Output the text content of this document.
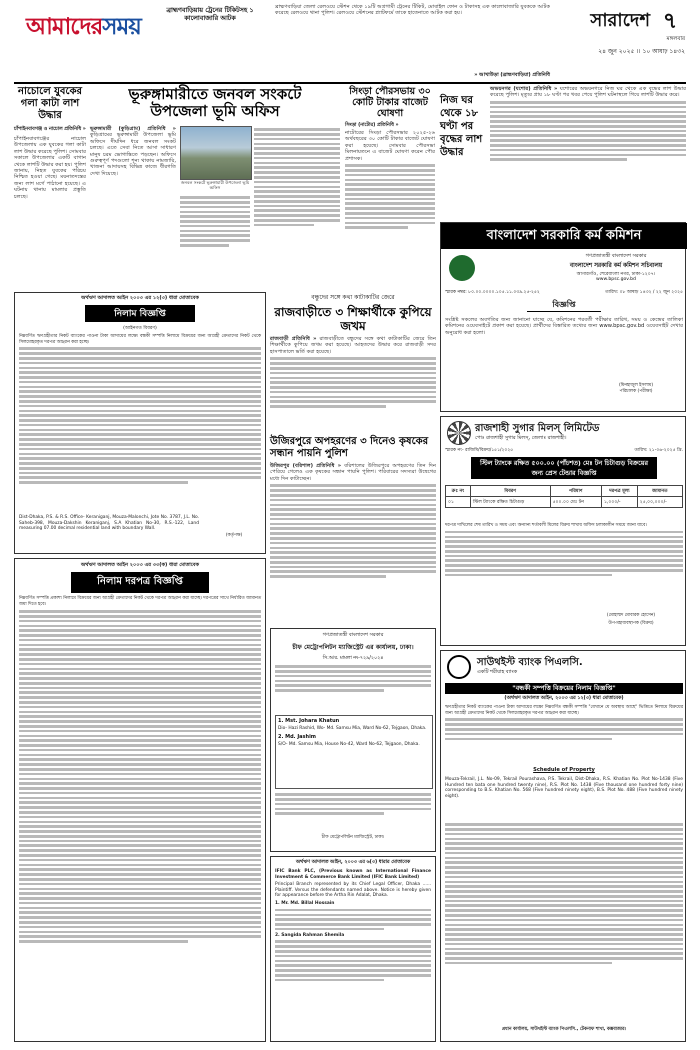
আমাদেরসময়
ব্রাহ্মণবাড়িয়ায় ট্রেনের টিকিটসহ ১ কালোবাজারি আটক
ব্রাহ্মণবাড়িয়া জেলা রেলওয়ে স্টেশন থেকে ১৯টি অগ্রগামী ট্রেনের টিকিট, মোবাইল ফোন ও টাকাসহ এক কালোবাজারি যুবককে আটক করেছে রেলওয়ে থানা পুলিশ। রেলওয়ে স্টেশনের প্ল্যাটফর্মে তাকে হাতেনাতে আটক করা হয়।
» আখাউড়া (ব্রাহ্মণবাড়িয়া) প্রতিনিধি
সারাদেশ ৭
মঙ্গলবার
২৪ জুন ২০২৫ ।। ১০ আষাঢ় ১৪৩২
নাচোলে যুবকের গলা কাটা লাশ উদ্ধার
চাঁপাইনবাবগঞ্জ ও নাচোল প্রতিনিধি »
চাঁপাইনবাবগঞ্জের নাচোল উপজেলায় এক যুবকের গলা কাটা লাশ উদ্ধার করেছে পুলিশ। সোমবার সকালে উপজেলার একটি বাগান থেকে লাশটি উদ্ধার করা হয়। পুলিশ জানায়, নিহত যুবকের পরিচয় নিশ্চিত হওয়া গেছে। ময়নাতদন্তের জন্য লাশ মর্গে পাঠানো হয়েছে। এ ঘটনায় থানায় মামলার প্রস্তুতি চলছে।
ভূরুঙ্গামারীতে জনবল সংকটে
উপজেলা ভূমি অফিস
ভূরুঙ্গামারী (কুড়িগ্রাম) প্রতিনিধি » কুড়িগ্রামের ভূরুঙ্গামারী উপজেলা ভূমি অফিসে দীর্ঘদিন ধরে জনবল সংকট চলছে। এতে সেবা নিতে আসা সাধারণ মানুষ চরম ভোগান্তিতে পড়ছেন। অফিসে গুরুত্বপূর্ণ পদগুলো শূন্য থাকায় নামজারি, খাজনা আদায়সহ বিভিন্ন কাজে ধীরগতি দেখা দিয়েছে।
জনবল সংকটে ভূরুঙ্গামারী উপজেলা ভূমি অফিস
সিংড়া পৌরসভায় ৩০ কোটি টাকার বাজেট ঘোষণা
সিংড়া (নাটোর) প্রতিনিধি »
নাটোরের সিংড়া পৌরসভার ২০২৫-২৬ অর্থবছরের ৩০ কোটি টাকার বাজেট ঘোষণা করা হয়েছে। সোমবার পৌরসভা মিলনায়তনে এ বাজেট ঘোষণা করেন পৌর প্রশাসক।
নিজ ঘর থেকে ১৮ ঘণ্টা পর বৃদ্ধের লাশ উদ্ধার
অভয়নগর (যশোর) প্রতিনিধি » যশোরের অভয়নগরে নিজ ঘর থেকে এক বৃদ্ধের লাশ উদ্ধার করেছে পুলিশ। মৃত্যুর প্রায় ১৮ ঘণ্টা পর খবর পেয়ে পুলিশ ঘটনাস্থলে গিয়ে লাশটি উদ্ধার করে।
বাংলাদেশ সরকারি কর্ম কমিশন
গণপ্রজাতন্ত্রী বাংলাদেশ সরকার
বাংলাদেশ সরকারি কর্ম কমিশন সচিবালয়
আগারগাঁও, শেরেবাংলা নগর, ঢাকা-১২০৭।
www.bpsc.gov.bd
স্মারক নম্বর: ৮০.০০.০০০০.১০৫.১১.০৩৯.২৫-২৫২	তারিখ: ০৮ আষাঢ় ১৪৩২ / ২২ জুন ২০২৫
বিজ্ঞপ্তি
সংশ্লিষ্ট সকলের অবগতির জন্য জানানো যাচ্ছে যে, কমিশনের পরবর্তী পরীক্ষার তারিখ, সময় ও কেন্দ্রের তালিকা কমিশনের ওয়েবসাইটে প্রকাশ করা হয়েছে। প্রার্থীদের বিস্তারিত তথ্যের জন্য www.bpsc.gov.bd ওয়েবসাইট দেখার অনুরোধ করা হলো।
(মিনহাজুল ইসলাম)
পরিচালক (পরীক্ষা)
অর্থঋণ আদালত আইন ২০০৩ এর ১২(৩) ধারা মোতাবেক
নিলাম বিজ্ঞপ্তি
(আইনগত বিবরণ)
নিম্নবর্ণিত ঋণগ্রহীতার নিকট ব্যাংকের পাওনা টাকা আদায়ের লক্ষ্যে বন্ধকী সম্পত্তি নিলামে বিক্রয়ের জন্য আগ্রহী ক্রেতাদের নিকট থেকে সিলমোহরকৃত দরপত্র আহ্বান করা হচ্ছে।
Dist-Dhaka, P.S. & R.S. Office- Keraniganj, Mouza-Malonchi, Jote No. 3787, J.L. No. Saheb-398, Mouza-Dakshin Keraniganj, S.A Khatian No-30, R.S.-122, Land measuring 07.00 decimal residential land with boundary Wall.
(কর্তৃপক্ষ)
বন্ধুদের সঙ্গে কথা কাটাকাটির জেরে
রাজবাড়ীতে ৩ শিক্ষার্থীকে কুপিয়ে জখম
রাজবাড়ী প্রতিনিধি » রাজবাড়ীতে বন্ধুদের সঙ্গে কথা কাটাকাটির জেরে তিন শিক্ষার্থীকে কুপিয়ে জখম করা হয়েছে। আহতদের উদ্ধার করে রাজবাড়ী সদর হাসপাতালে ভর্তি করা হয়েছে।
উজিরপুরে অপহরণের ৩ দিনেও কৃষকের সন্ধান পায়নি পুলিশ
উজিরপুর (বরিশাল) প্রতিনিধি » বরিশালের উজিরপুরে অপহরণের তিন দিন পেরিয়ে গেলেও এক কৃষকের সন্ধান পায়নি পুলিশ। পরিবারের সদস্যরা উদ্বেগের মধ্যে দিন কাটাচ্ছেন।
রাজশাহী সুগার মিলস্ লিমিটেড
পোঃ রাজশাহী সুগার মিলস্, জেলাঃ রাজশাহী।
স্মারক নং- রাজিমি/বিক্রয়/১৫১/২০২৫	তারিখ: ২১-০৬-২০২৫ খ্রি.
স্টিল ট্যাংকে রক্ষিত ৫০০.০০ (পাঁচশত) মেঃ টন চিটাগুড় বিক্রয়ের জন্য প্রেস টেন্ডার বিজ্ঞপ্তি
ক্রঃ নং	বিবরণ	পরিমাণ	দরপত্র মূল্য	জামানত
০১	স্টিল ট্যাংকে রক্ষিত চিটাগুড়	৫০০.০০ মেঃ টন	১,০০০/-	২৫,০০,০০০/-
দরপত্র দাখিলের শেষ তারিখ ও সময় এবং অন্যান্য শর্তাবলী মিলের বিক্রয় শাখায় অফিস চলাকালীন সময়ে জানা যাবে।
(মোহাম্মদ মোবারক হোসেন)
উপ-মহাব্যবস্থাপক (বিক্রয়)
অর্থঋণ আদালত আইন ২০০৩ এর ৩৩(ক) ধারা মোতাবেক
নিলাম দরপত্র বিজ্ঞপ্তি
নিম্নবর্ণিত সম্পত্তি প্রকাশ্য নিলামে বিক্রয়ের জন্য আগ্রহী ক্রেতাদের নিকট থেকে দরপত্র আহ্বান করা যাচ্ছে। দরপত্রের সাথে নির্ধারিত জামানত জমা দিতে হবে।
গণপ্রজাতন্ত্রী বাংলাদেশ সরকার
চীফ মেট্রোপলিটন ম্যাজিস্ট্রেট এর কার্যালয়, ঢাকা।
সি.আর. মামলা নং-৭২৯/২০২৪
1. Mst. Johara Khatun
Dio- Hazi Rashid, Wo- Md. Samsu Mia, Ward No-62, Tejgaon, Dhaka.
2. Md. Jashim
S/O- Md. Samsu Mia, House No-42, Ward No-62, Tejgaon, Dhaka.
চীফ মেট্রোপলিটন ম্যাজিস্ট্রেট, ঢাকা।
অর্থঋণ আদালত আইন, ২০০৩ এর ৬(৩) ধারার মোতাবেক
IFIC Bank PLC, (Previous known as International Finance Investment & Commerce Bank Limited (IFIC Bank Limited)
Principal Branch represented by its Chief Legal Officer, Dhaka ...... Plaintiff. Versus the defendants named above. Notice is hereby given for appearance before the Artha Rin Adalat, Dhaka.
1. Mr. Md. Billal Hossain
2. Sangida Rahman Shemila
সাউথইস্ট ব্যাংক পিএলসি.
একটি শরীয়াহ ব্যাংক
"বন্ধকী সম্পত্তি বিক্রয়ের নিলাম বিজ্ঞপ্তি"
(অর্থঋণ আদালত আইন, ২০০৩ এর ১২(৩) ধারা মোতাবেক)
ঋণগ্রহীতার নিকট ব্যাংকের পাওনা টাকা আদায়ের লক্ষ্যে নিম্নবর্ণিত বন্ধকী সম্পত্তি "যেখানে যে অবস্থায় আছে" ভিত্তিতে নিলামে বিক্রয়ের জন্য আগ্রহী ক্রেতাদের নিকট থেকে সিলমোহরকৃত দরপত্র আহ্বান করা যাচ্ছে।
Schedule of Property
Mouza-Tekrail, J.L. No-09, Tekrail Pourashava, P.S. Tekrail, Dist-Dhaka, R.S. Khatian No. Plot No-1438 (Five Hundred ten bata one hundred twenty nine), R.S. Plot No. 1438 (Five thousand one hundred forty nine) corresponding to B.S. Khatian No. 568 (Five hundred ninety eight), B.S. Plot No. 488 (Five hundred ninety eight).
প্রধান কার্যালয়, সাউথইস্ট ব্যাংক পিএলসি., টেকনাফ শাখা, কক্সবাজার।
